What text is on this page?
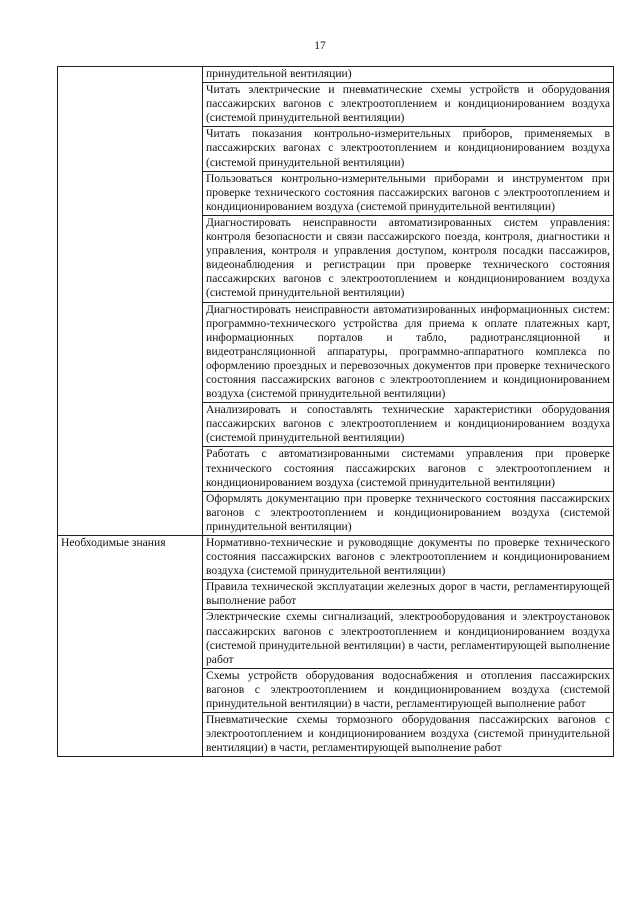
17
	принудительной вентиляции)
	Читать электрические и пневматические схемы устройств и оборудования пассажирских вагонов с электроотоплением и кондиционированием воздуха (системой принудительной вентиляции)
	Читать показания контрольно-измерительных приборов, применяемых в пассажирских вагонах с электроотоплением и кондиционированием воздуха (системой принудительной вентиляции)
	Пользоваться контрольно-измерительными приборами и инструментом при проверке технического состояния пассажирских вагонов с электроотоплением и кондиционированием воздуха (системой принудительной вентиляции)
	Диагностировать неисправности автоматизированных систем управления: контроля безопасности и связи пассажирского поезда, контроля, диагностики и управления, контроля и управления доступом, контроля посадки пассажиров, видеонаблюдения и регистрации при проверке технического состояния пассажирских вагонов с электроотоплением и кондиционированием воздуха (системой принудительной вентиляции)
	Диагностировать неисправности автоматизированных информационных систем: программно-технического устройства для приема к оплате платежных карт, информационных порталов и табло, радиотрансляционной и видеотрансляционной аппаратуры, программно-аппаратного комплекса по оформлению проездных и перевозочных документов при проверке технического состояния пассажирских вагонов с электроотоплением и кондиционированием воздуха (системой принудительной вентиляции)
	Анализировать и сопоставлять технические характеристики оборудования пассажирских вагонов с электроотоплением и кондиционированием воздуха (системой принудительной вентиляции)
	Работать с автоматизированными системами управления при проверке технического состояния пассажирских вагонов с электроотоплением и кондиционированием воздуха (системой принудительной вентиляции)
	Оформлять документацию при проверке технического состояния пассажирских вагонов с электроотоплением и кондиционированием воздуха (системой принудительной вентиляции)
Необходимые знания	Нормативно-технические и руководящие документы по проверке технического состояния пассажирских вагонов с электроотоплением и кондиционированием воздуха (системой принудительной вентиляции)
	Правила технической эксплуатации железных дорог в части, регламентирующей выполнение работ
	Электрические схемы сигнализаций, электрооборудования и электроустановок пассажирских вагонов с электроотоплением и кондиционированием воздуха (системой принудительной вентиляции) в части, регламентирующей выполнение работ
	Схемы устройств оборудования водоснабжения и отопления пассажирских вагонов с электроотоплением и кондиционированием воздуха (системой принудительной вентиляции) в части, регламентирующей выполнение работ
	Пневматические схемы тормозного оборудования пассажирских вагонов с электроотоплением и кондиционированием воздуха (системой принудительной вентиляции) в части, регламентирующей выполнение работ
